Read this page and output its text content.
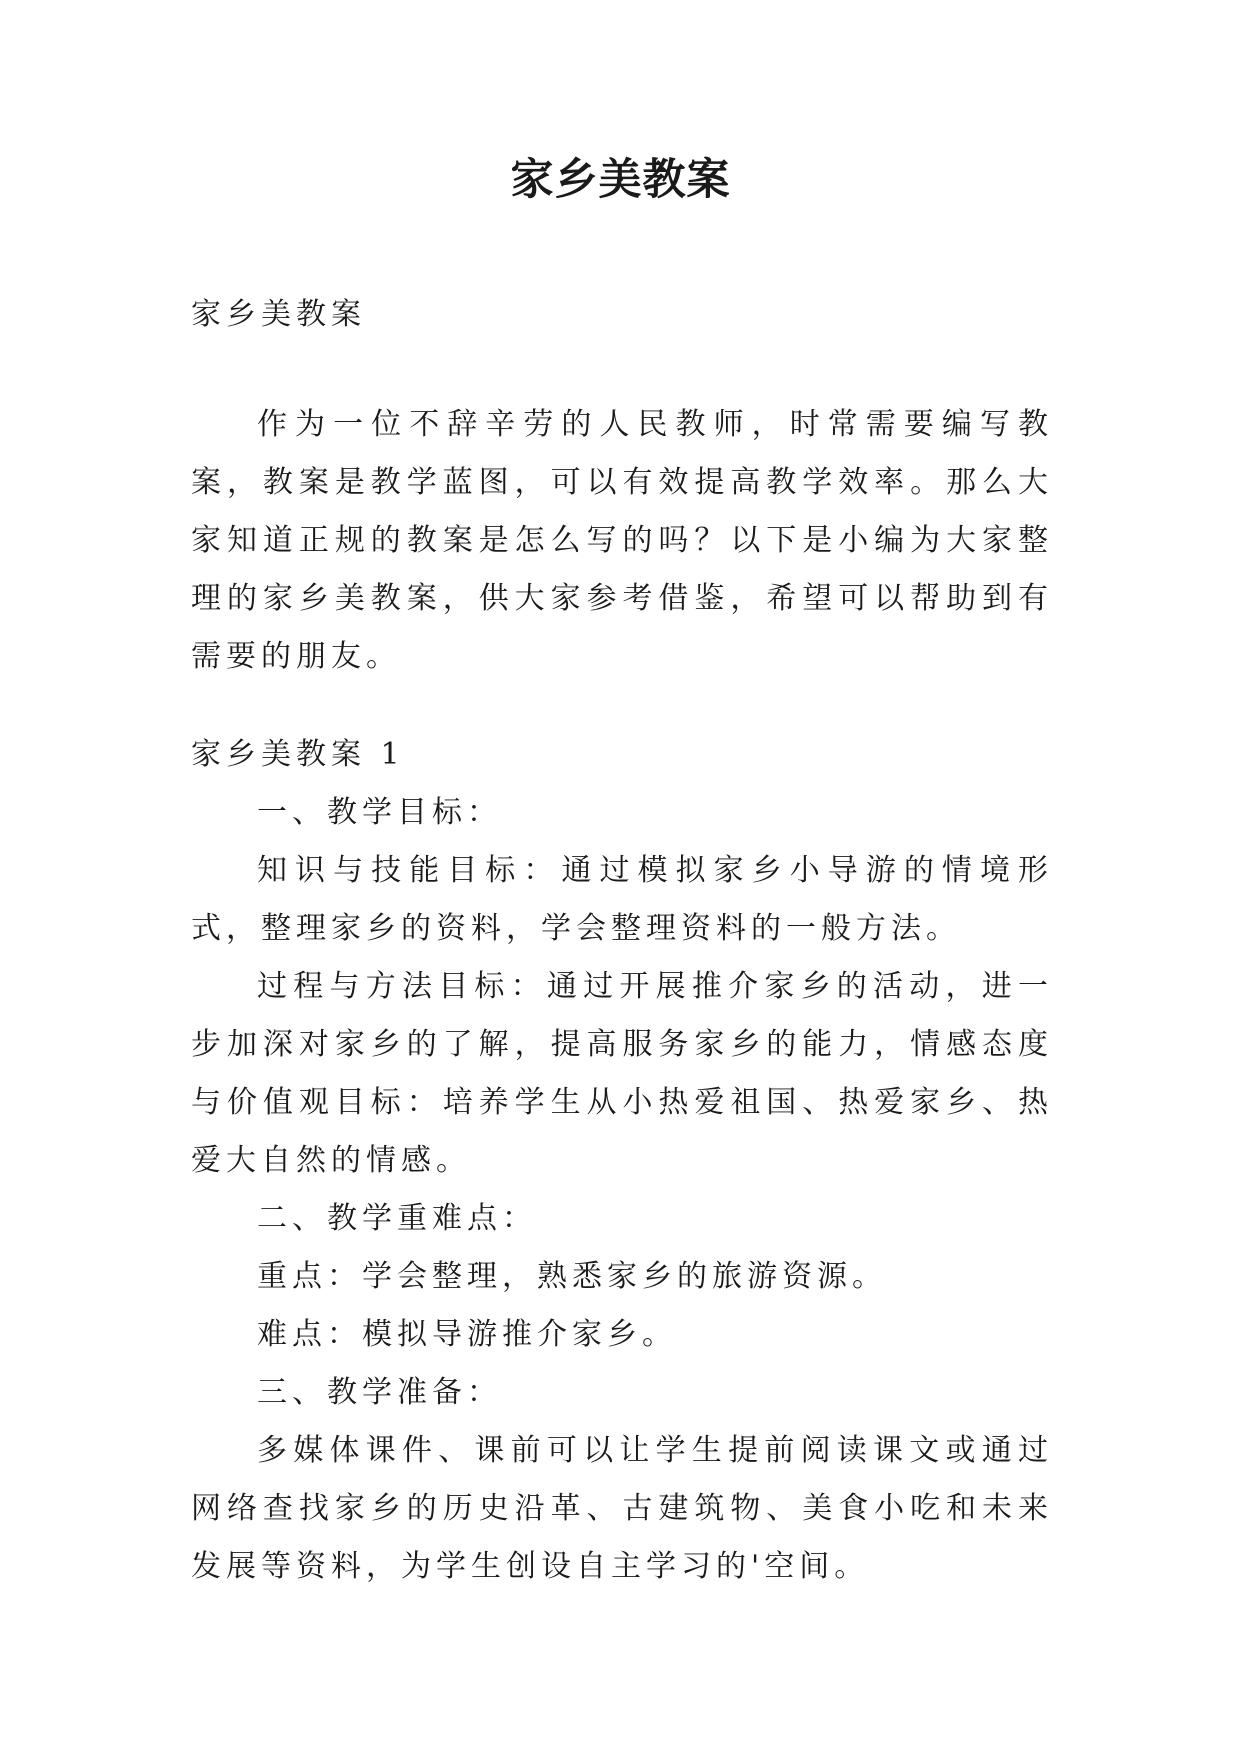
家乡美教案

家乡美教案

作为一位不辞辛劳的人民教师，时常需要编写教案，教案是教学蓝图，可以有效提高教学效率。那么大家知道正规的教案是怎么写的吗？以下是小编为大家整理的家乡美教案，供大家参考借鉴，希望可以帮助到有需要的朋友。

家乡美教案 1

一、教学目标：

知识与技能目标：通过模拟家乡小导游的情境形式，整理家乡的资料，学会整理资料的一般方法。

过程与方法目标：通过开展推介家乡的活动，进一步加深对家乡的了解，提高服务家乡的能力，情感态度与价值观目标：培养学生从小热爱祖国、热爱家乡、热爱大自然的情感。

二、教学重难点：

重点：学会整理，熟悉家乡的旅游资源。

难点：模拟导游推介家乡。

三、教学准备：

多媒体课件、课前可以让学生提前阅读课文或通过网络查找家乡的历史沿革、古建筑物、美食小吃和未来发展等资料，为学生创设自主学习的'空间。
